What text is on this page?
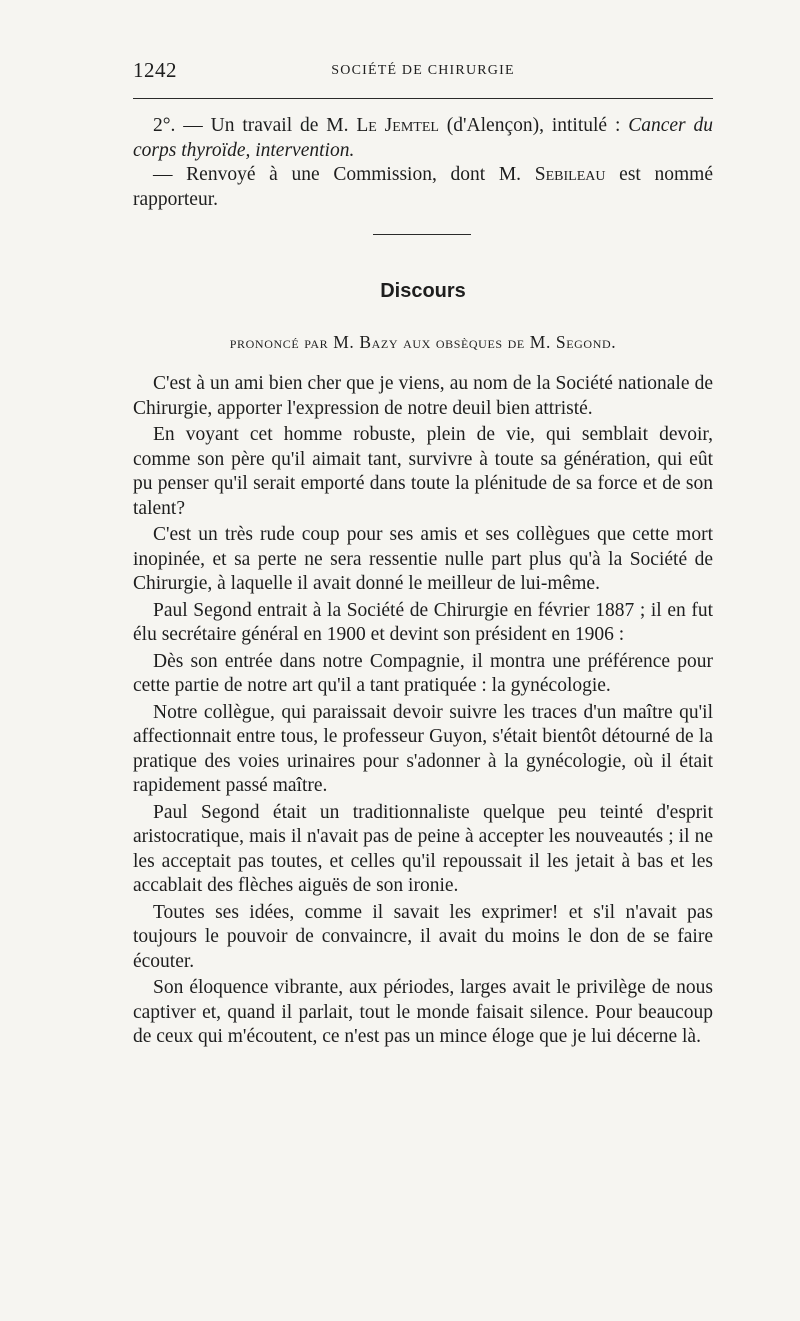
1242	SOCIÉTÉ DE CHIRURGIE

2°. — Un travail de M. Le Jemtel (d'Alençon), intitulé : Cancer du corps thyroïde, intervention.

— Renvoyé à une Commission, dont M. Sebileau est nommé rapporteur.

Discours
prononcé par M. Bazy aux obsèques de M. Segond.

C'est à un ami bien cher que je viens, au nom de la Société nationale de Chirurgie, apporter l'expression de notre deuil bien attristé.

En voyant cet homme robuste, plein de vie, qui semblait devoir, comme son père qu'il aimait tant, survivre à toute sa génération, qui eût pu penser qu'il serait emporté dans toute la plénitude de sa force et de son talent?

C'est un très rude coup pour ses amis et ses collègues que cette mort inopinée, et sa perte ne sera ressentie nulle part plus qu'à la Société de Chirurgie, à laquelle il avait donné le meilleur de lui-même.

Paul Segond entrait à la Société de Chirurgie en février 1887 ; il en fut élu secrétaire général en 1900 et devint son président en 1906 :

Dès son entrée dans notre Compagnie, il montra une préférence pour cette partie de notre art qu'il a tant pratiquée : la gynécologie.

Notre collègue, qui paraissait devoir suivre les traces d'un maître qu'il affectionnait entre tous, le professeur Guyon, s'était bientôt détourné de la pratique des voies urinaires pour s'adonner à la gynécologie, où il était rapidement passé maître.

Paul Segond était un traditionnaliste quelque peu teinté d'esprit aristocratique, mais il n'avait pas de peine à accepter les nouveautés ; il ne les acceptait pas toutes, et celles qu'il repoussait il les jetait à bas et les accablait des flèches aiguës de son ironie.

Toutes ses idées, comme il savait les exprimer! et s'il n'avait pas toujours le pouvoir de convaincre, il avait du moins le don de se faire écouter.

Son éloquence vibrante, aux périodes, larges avait le privilège de nous captiver et, quand il parlait, tout le monde faisait silence. Pour beaucoup de ceux qui m'écoutent, ce n'est pas un mince éloge que je lui décerne là.
